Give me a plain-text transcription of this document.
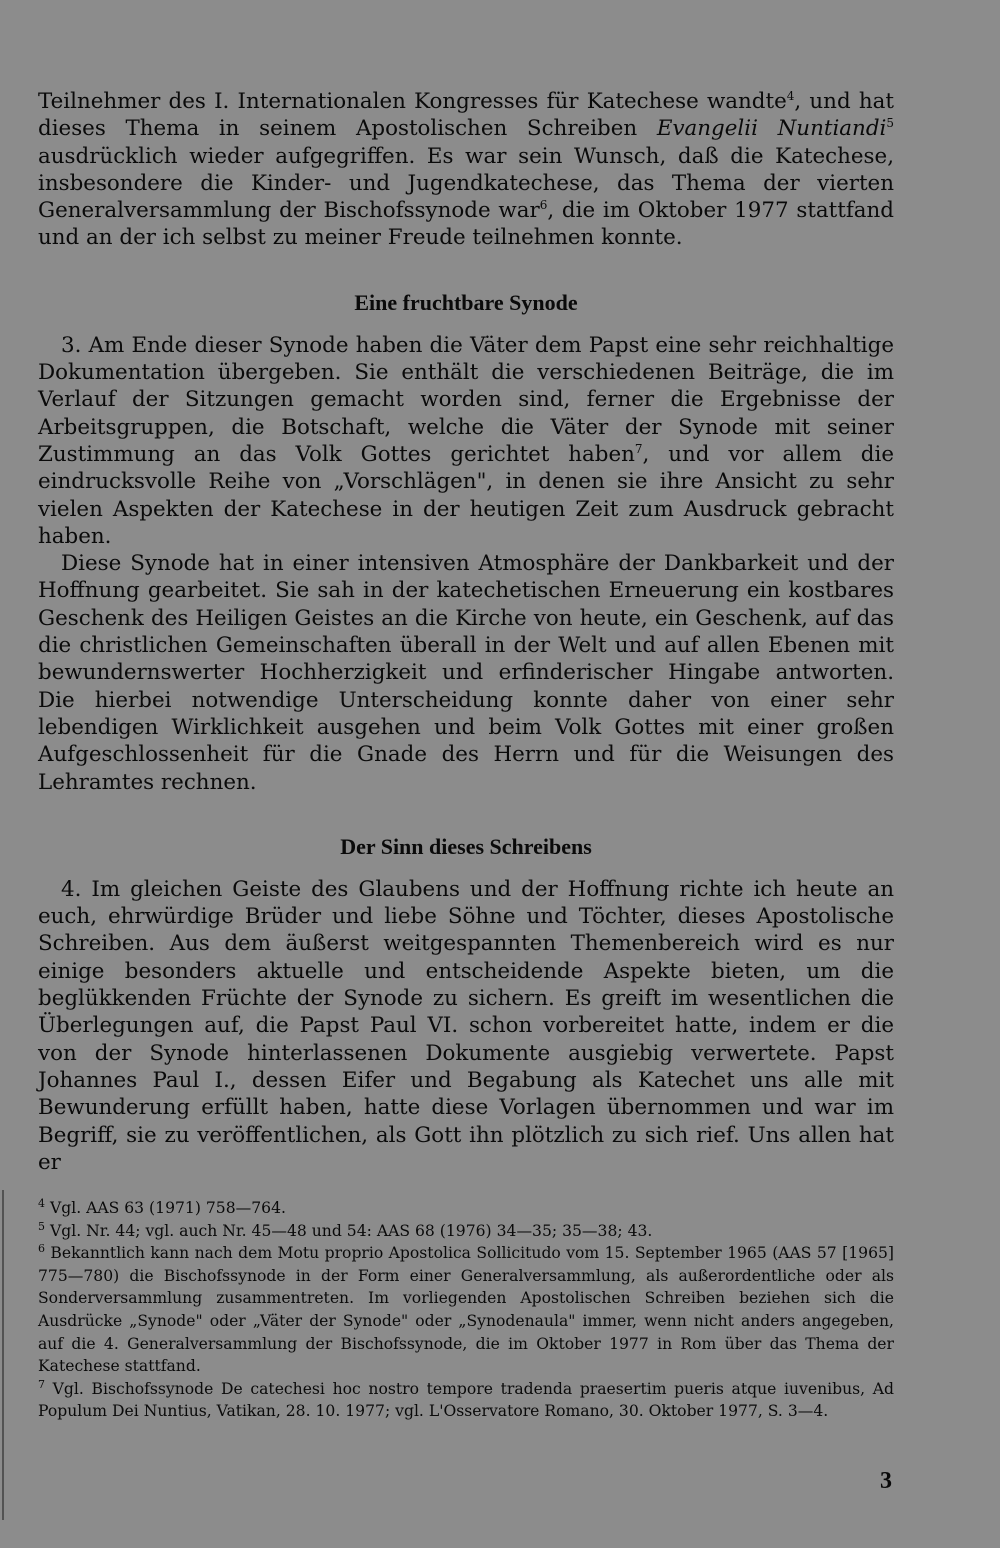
Teilnehmer des I. Internationalen Kongresses für Katechese wandte$^4$, und hat dieses Thema in seinem Apostolischen Schreiben Evangelii Nuntiandi$^5$ ausdrücklich wieder aufgegriffen. Es war sein Wunsch, daß die Katechese, insbesondere die Kinder- und Jugendkatechese, das Thema der vierten Generalversammlung der Bischofssynode war$^6$, die im Oktober 1977 stattfand und an der ich selbst zu meiner Freude teilnehmen konnte.

Eine fruchtbare Synode

3. Am Ende dieser Synode haben die Väter dem Papst eine sehr reichhaltige Dokumentation übergeben. Sie enthält die verschiedenen Beiträge, die im Verlauf der Sitzungen gemacht worden sind, ferner die Ergebnisse der Arbeitsgruppen, die Botschaft, welche die Väter der Synode mit seiner Zustimmung an das Volk Gottes gerichtet haben$^7$, und vor allem die eindrucksvolle Reihe von „Vorschlägen", in denen sie ihre Ansicht zu sehr vielen Aspekten der Katechese in der heutigen Zeit zum Ausdruck gebracht haben.

Diese Synode hat in einer intensiven Atmosphäre der Dankbarkeit und der Hoffnung gearbeitet. Sie sah in der katechetischen Erneuerung ein kostbares Geschenk des Heiligen Geistes an die Kirche von heute, ein Geschenk, auf das die christlichen Gemeinschaften überall in der Welt und auf allen Ebenen mit bewundernswerter Hochherzigkeit und erfinderischer Hingabe antworten. Die hierbei notwendige Unterscheidung konnte daher von einer sehr lebendigen Wirklichkeit ausgehen und beim Volk Gottes mit einer großen Aufgeschlossenheit für die Gnade des Herrn und für die Weisungen des Lehramtes rechnen.

Der Sinn dieses Schreibens

4. Im gleichen Geiste des Glaubens und der Hoffnung richte ich heute an euch, ehrwürdige Brüder und liebe Söhne und Töchter, dieses Apostolische Schreiben. Aus dem äußerst weitgespannten Themenbereich wird es nur einige besonders aktuelle und entscheidende Aspekte bieten, um die beglükkenden Früchte der Synode zu sichern. Es greift im wesentlichen die Überlegungen auf, die Papst Paul VI. schon vorbereitet hatte, indem er die von der Synode hinterlassenen Dokumente ausgiebig verwertete. Papst Johannes Paul I., dessen Eifer und Begabung als Katechet uns alle mit Bewunderung erfüllt haben, hatte diese Vorlagen übernommen und war im Begriff, sie zu veröffentlichen, als Gott ihn plötzlich zu sich rief. Uns allen hat er

$^4$ Vgl. AAS 63 (1971) 758—764.

$^5$ Vgl. Nr. 44; vgl. auch Nr. 45—48 und 54: AAS 68 (1976) 34—35; 35—38; 43.

$^6$ Bekanntlich kann nach dem Motu proprio Apostolica Sollicitudo vom 15. September 1965 (AAS 57 [1965] 775—780) die Bischofssynode in der Form einer Generalversammlung, als außerordentliche oder als Sonderversammlung zusammentreten. Im vorliegenden Apostolischen Schreiben beziehen sich die Ausdrücke „Synode" oder „Väter der Synode" oder „Synodenaula" immer, wenn nicht anders angegeben, auf die 4. Generalversammlung der Bischofssynode, die im Oktober 1977 in Rom über das Thema der Katechese stattfand.

$^7$ Vgl. Bischofssynode De catechesi hoc nostro tempore tradenda praesertim pueris atque iuvenibus, Ad Populum Dei Nuntius, Vatikan, 28. 10. 1977; vgl. L'Osservatore Romano, 30. Oktober 1977, S. 3—4.

3
